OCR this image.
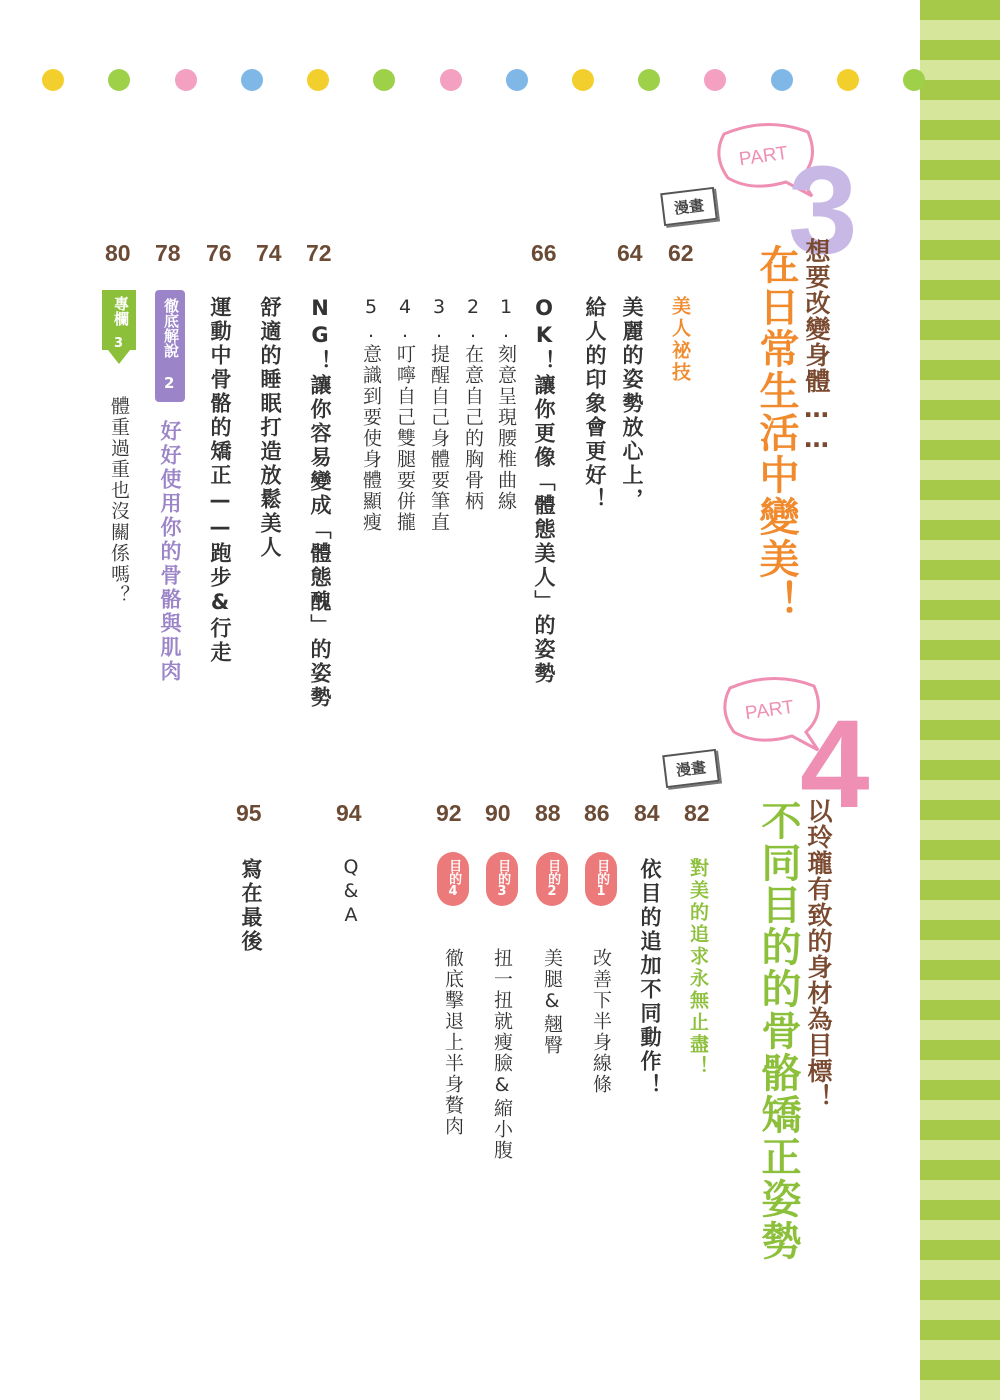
PART
3
漫畫
想要改變身體……
在日常生活中變美！
62
美人祕技
64
美麗的姿勢放心上，
給人的印象會更好！
66
OK！讓你更像「體態美人」的姿勢
1.刻意呈現腰椎曲線
2.在意自己的胸骨柄
3.提醒自己身體要筆直
4.叮嚀自己雙腿要併攏
5.意識到要使身體顯瘦
72
NG！讓你容易變成「體態醜」的姿勢
74
舒適的睡眠打造放鬆美人
76
運動中骨骼的矯正——跑步&行走
78
徹底解說
2
好好使用你的骨骼與肌肉
80
專欄
3
體重過重也沒關係嗎？
PART 4
漫畫
以玲瓏有致的身材為目標！
不同目的的骨骼矯正姿勢
82
對美的追求永無止盡！
84
依目的追加不同動作！
86
目的
1
改善下半身線條
88
目的
2
美腿&翹臀
90
目的
3
扭一扭就瘦臉&縮小腹
92
目的
4
徹底擊退上半身贅肉
94
Q&A
95
寫在最後
